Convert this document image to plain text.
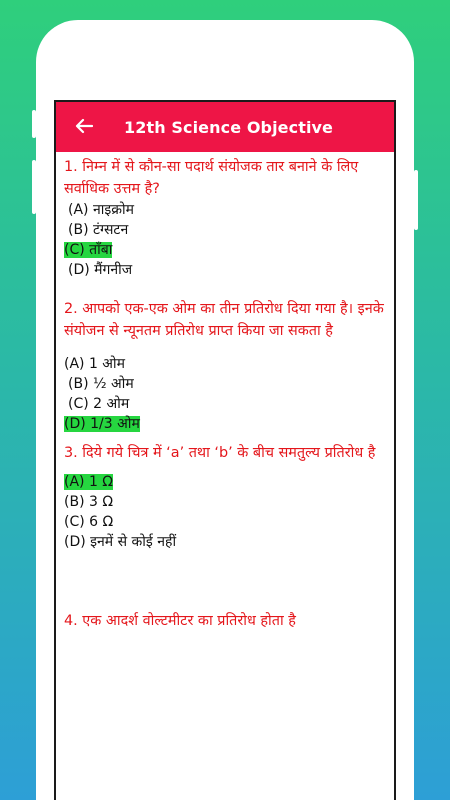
12th Science Objective
1. निम्न में से कौन-सा पदार्थ संयोजक तार बनाने के लिए सर्वाधिक उत्तम है?
(A) नाइक्रोम
(B) टंग्सटन
(C) ताँबा
(D) मैंगनीज
2. आपको एक-एक ओम का तीन प्रतिरोध दिया गया है। इनके संयोजन से न्यूनतम प्रतिरोध प्राप्त किया जा सकता है
(A) 1 ओम
(B) ½ ओम
(C) 2 ओम
(D) 1/3 ओम
3. दिये गये चित्र में ‘a’ तथा ‘b’ के बीच समतुल्य प्रतिरोध है
(A) 1 Ω
(B) 3 Ω
(C) 6 Ω
(D) इनमें से कोई नहीं
4. एक आदर्श वोल्टमीटर का प्रतिरोध होता है
